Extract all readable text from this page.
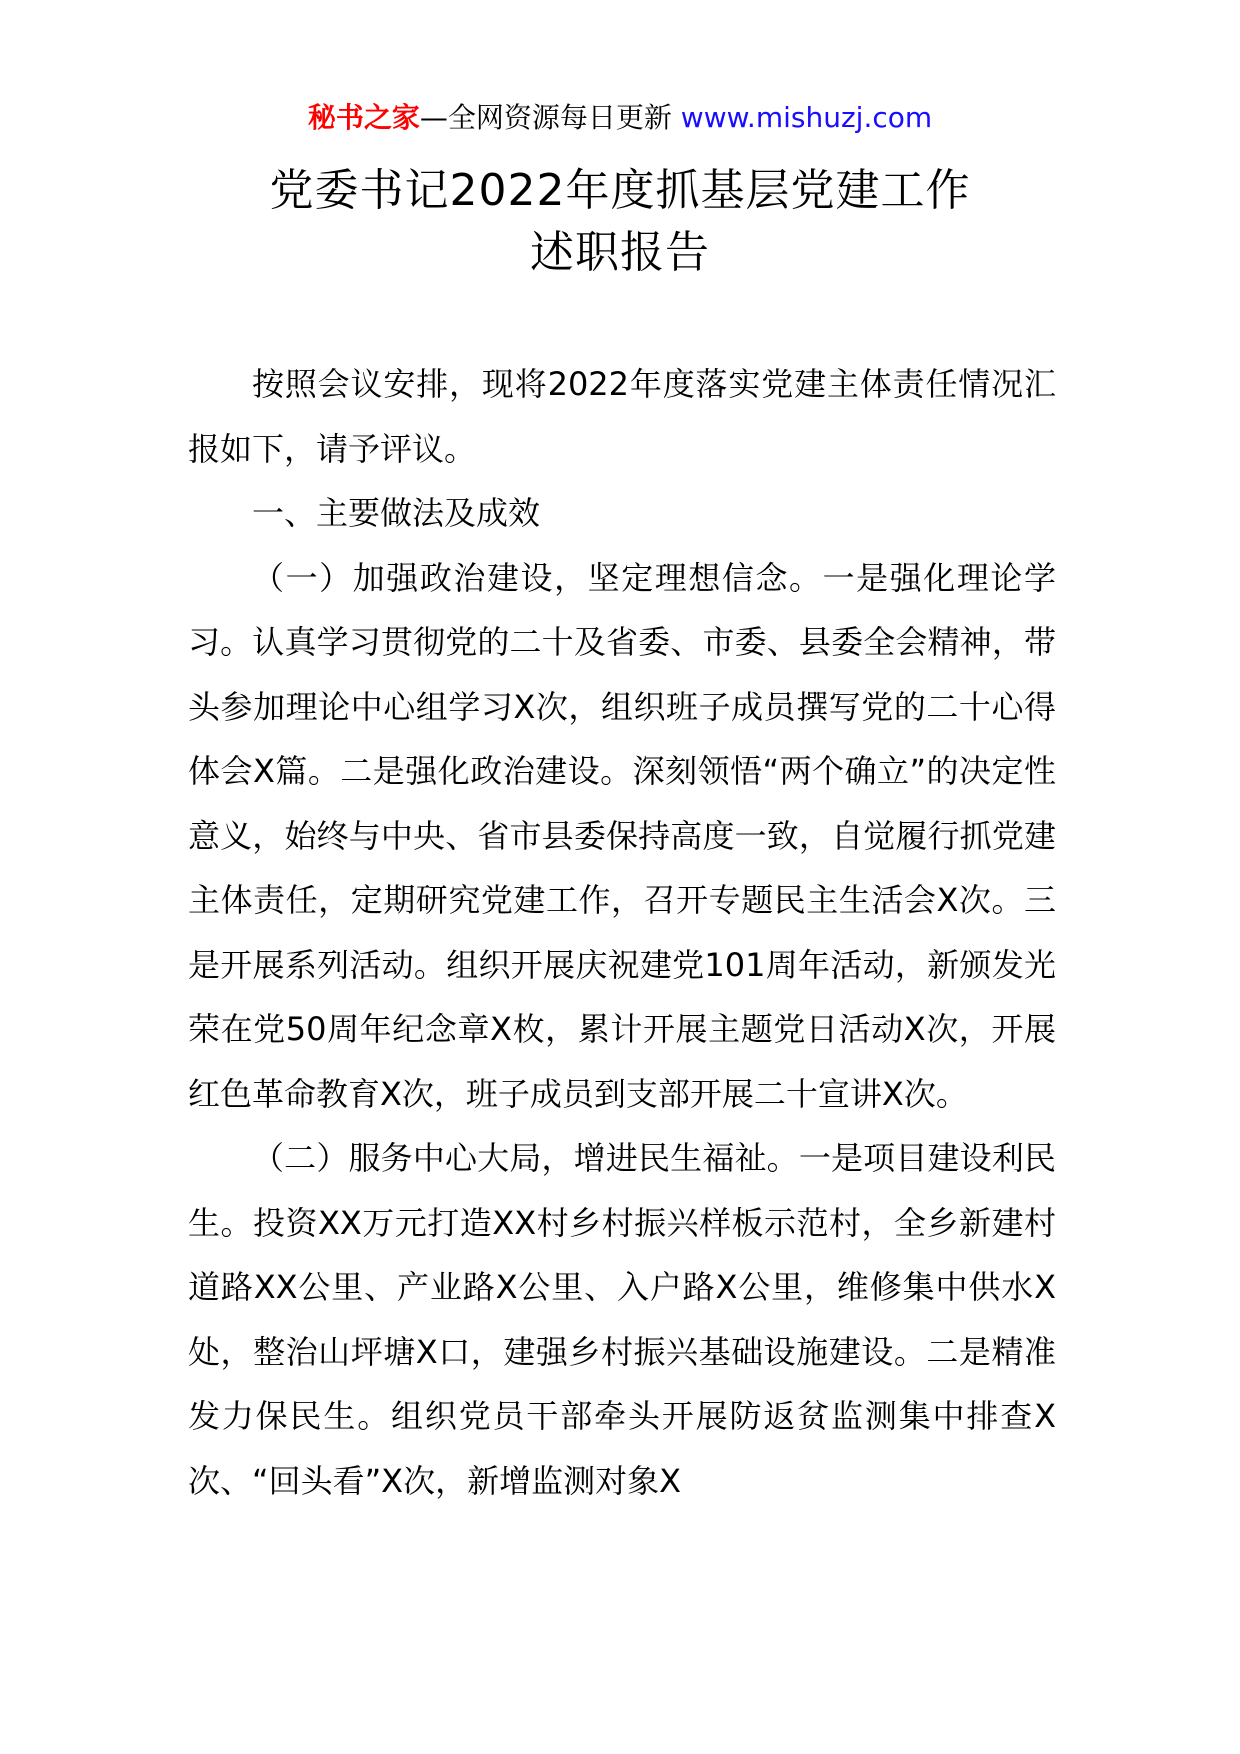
秘书之家—全网资源每日更新 www.mishuzj.com
党委书记2022年度抓基层党建工作
述职报告

按照会议安排，现将2022年度落实党建主体责任情况汇报如下，请予评议。

一、主要做法及成效

（一）加强政治建设，坚定理想信念。一是强化理论学习。认真学习贯彻党的二十及省委、市委、县委全会精神，带头参加理论中心组学习X次，组织班子成员撰写党的二十心得体会X篇。二是强化政治建设。深刻领悟“两个确立”的决定性意义，始终与中央、省市县委保持高度一致，自觉履行抓党建主体责任，定期研究党建工作，召开专题民主生活会X次。三是开展系列活动。组织开展庆祝建党101周年活动，新颁发光荣在党50周年纪念章X枚，累计开展主题党日活动X次，开展红色革命教育X次，班子成员到支部开展二十宣讲X次。

（二）服务中心大局，增进民生福祉。一是项目建设利民生。投资XX万元打造XX村乡村振兴样板示范村，全乡新建村道路XX公里、产业路X公里、入户路X公里，维修集中供水X处，整治山坪塘X口，建强乡村振兴基础设施建设。二是精准发力保民生。组织党员干部牵头开展防返贫监测集中排查X次、“回头看”X次，新增监测对象X
